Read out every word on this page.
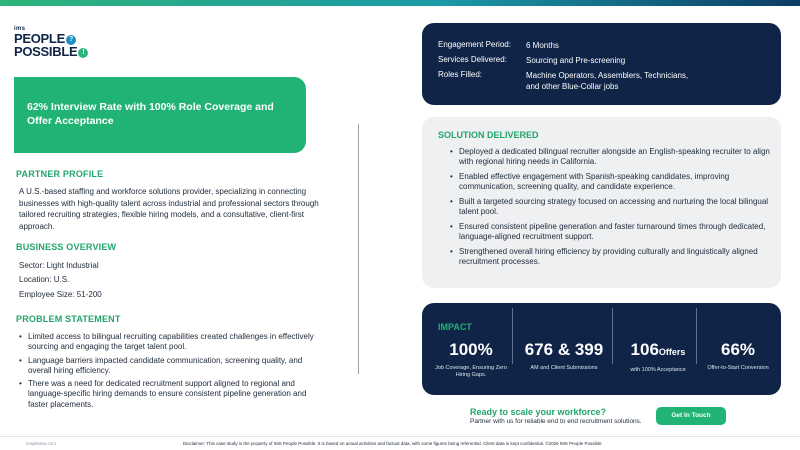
ims
PEOPLE ?
POSSIBLE !
62% Interview Rate with 100% Role Coverage and Offer Acceptance
PARTNER PROFILE
A U.S.-based staffing and workforce solutions provider, specializing in connecting businesses with high-quality talent across industrial and professional sectors through tailored recruiting strategies, flexible hiring models, and a consultative, client-first approach.
BUSINESS OVERVIEW
Sector: Light Industrial
Location: U.S.
Employee Size: 51-200
PROBLEM STATEMENT
• Limited access to bilingual recruiting capabilities created challenges in effectively sourcing and engaging the target talent pool.
• Language barriers impacted candidate communication, screening quality, and overall hiring efficiency.
• There was a need for dedicated recruitment support aligned to regional and language-specific hiring demands to ensure consistent pipeline generation and faster placements.
Engagement Period: 6 Months
Services Delivered: Sourcing and Pre-screening
Roles Filled:	Machine Operators, Assemblers, Technicians,
and other Blue-Collar jobs
SOLUTION DELIVERED
• Deployed a dedicated bilingual recruiter alongside an English-speaking recruiter to align with regional hiring needs in California.
• Enabled effective engagement with Spanish-speaking candidates, improving communication, screening quality, and candidate experience.
• Built a targeted sourcing strategy focused on accessing and nurturing the local bilingual talent pool.
• Ensured consistent pipeline generation and faster turnaround times through dedicated, language-aligned recruitment support.
• Strengthened overall hiring efficiency by providing culturally and linguistically aligned recruitment processes.
IMPACT
100%
Job Coverage, Ensuring Zero Hiring Gaps.
676 & 399
AM and Client Submissions
106Offers
with 100% Acceptance
66%
Offer-to-Start Conversion
Ready to scale your workforce?
Partner with us for reliable end to end recruitment solutions.
Get In Touch
imsplease.com	Disclaimer: This case study is the property of IMS People Possible. It is based on actual activities and factual data, with some figures being referential. Client data is kept confidential. ©2026 IMS People Possible
